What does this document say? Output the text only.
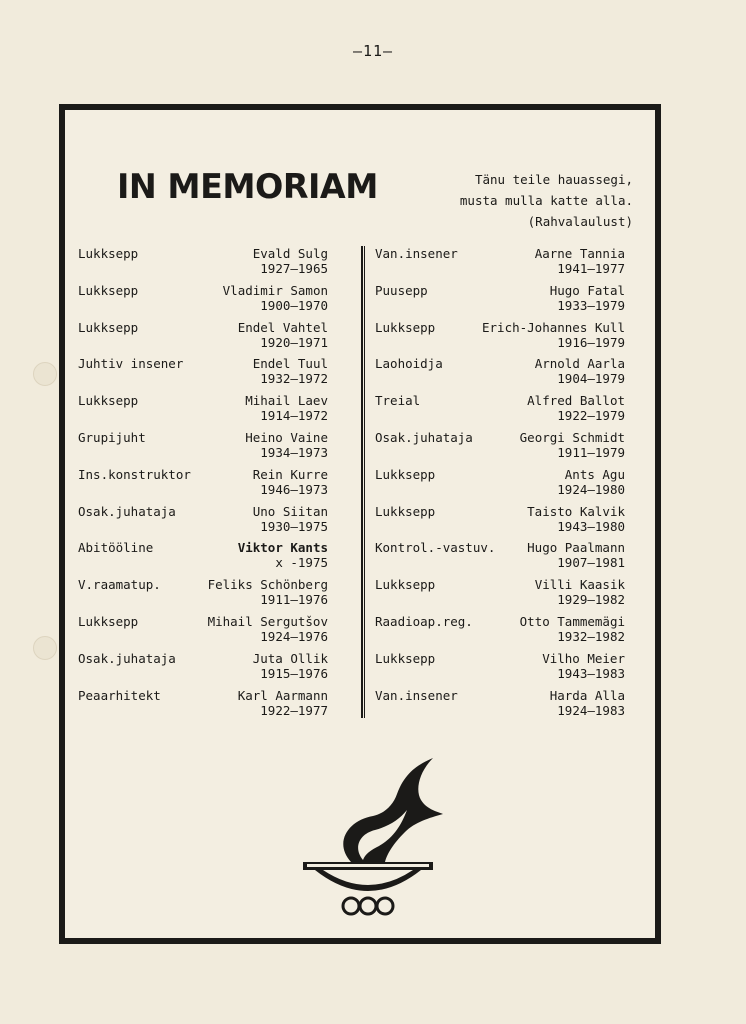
–11–
IN MEMORIAM	Tänu teile hauassegi,
musta mulla katte alla.
(Rahvalaulust)
Lukksepp	Evald Sulg
1927–1965
Lukksepp	Vladimir Samon
1900–1970
Lukksepp	Endel Vahtel
1920–1971
Juhtiv insener	Endel Tuul
1932–1972
Lukksepp	Mihail Laev
1914–1972
Grupijuht	Heino Vaine
1934–1973
Ins.konstruktor	Rein Kurre
1946–1973
Osak.juhataja	Uno Siitan
1930–1975
Abitööline	Viktor Kants
x -1975
V.raamatup.	Feliks Schönberg
1911–1976
Lukksepp	Mihail Sergutšov
1924–1976
Osak.juhataja	Juta Ollik
1915–1976
Peaarhitekt	Karl Aarmann
1922–1977
Van.insener	Aarne Tannia
1941–1977
Puusepp	Hugo Fatal
1933–1979
Lukksepp	Erich-Johannes Kull
1916–1979
Laohoidja	Arnold Aarla
1904–1979
Treial	Alfred Ballot
1922–1979
Osak.juhataja	Georgi Schmidt
1911–1979
Lukksepp	Ants Agu
1924–1980
Lukksepp	Taisto Kalvik
1943–1980
Kontrol.-vastuv.	Hugo Paalmann
1907–1981
Lukksepp	Villi Kaasik
1929–1982
Raadioap.reg.	Otto Tammemägi
1932–1982
Lukksepp	Vilho Meier
1943–1983
Van.insener	Harda Alla
1924–1983
